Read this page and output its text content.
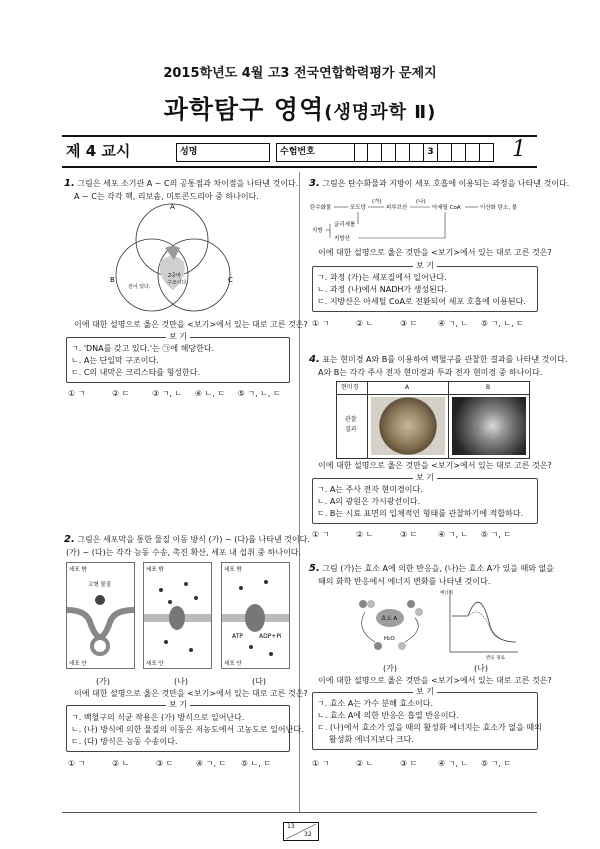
2015학년도 4월 고3 전국연합학력평가 문제지
과학탐구 영역(생명과학 Ⅱ)
제 4 교시	성명	수험번호	3	1
1. 그림은 세포 소기관 A ~ C의 공통점과 차이점을 나타낸 것이다.
A ~ C는 각각 핵, 리보솜, 미토콘드리아 중 하나이다.
A
B	C
전이 있다.
2중막
구조이다.
이에 대한 설명으로 옳은 것만을 <보기>에서 있는 대로 고른 것은?
보 기
ㄱ. 'DNA를 갖고 있다.'는 ㉠에 해당한다.
ㄴ. A는 단일막 구조이다.
ㄷ. C의 내막은 크리스타를 형성한다.
① ㄱ	② ㄷ	③ ㄱ, ㄴ ④ ㄴ, ㄷ ⑤ ㄱ, ㄴ, ㄷ
2. 그림은 세포막을 통한 물질 이동 방식 (가) ~ (다)를 나타낸 것이다.
(가) ~ (다)는 각각 능동 수송, 촉진 확산, 세포 내 섭취 중 하나이다.
세포 밖	세포 밖	세포 밖
세포 안	세포 안	세포 안
고형 물질
ATP	ADP+Pi
(가)	(나)	(다)
이에 대한 설명으로 옳은 것만을 <보기>에서 있는 대로 고른 것은?
보 기
ㄱ. 백혈구의 식균 작용은 (가) 방식으로 일어난다.
ㄴ. (나) 방식에 의한 물질의 이동은 저농도에서 고농도로 일어난다.
ㄷ. (다) 방식은 능동 수송이다.
① ㄱ	② ㄴ	③ ㄷ	④ ㄱ, ㄷ ⑤ ㄴ, ㄷ
3. 그림은 탄수화물과 지방이 세포 호흡에 이용되는 과정을 나타낸 것이다.
탄수화물	포도당
(가)
피루브산
(나)
아세틸 CoA	이산화 탄소, 물
지방
글리세롤
지방산
이에 대한 설명으로 옳은 것만을 <보기>에서 있는 대로 고른 것은?
보 기
ㄱ. 과정 (가)는 세포질에서 일어난다.
ㄴ. 과정 (나)에서 NADH가 생성된다.
ㄷ. 지방산은 아세틸 CoA로 전환되어 세포 호흡에 이용된다.
① ㄱ	② ㄴ	③ ㄷ	④ ㄱ, ㄴ ⑤ ㄱ, ㄴ, ㄷ
4. 표는 현미경 A와 B를 이용하여 백혈구를 관찰한 결과를 나타낸 것이다.
A와 B는 각각 주사 전자 현미경과 투과 전자 현미경 중 하나이다.
현미경	A	B
관찰
결과
이에 대한 설명으로 옳은 것만을 <보기>에서 있는 대로 고른 것은?
보 기
ㄱ. A는 주사 전자 현미경이다.
ㄴ. A의 광원은 가시광선이다.
ㄷ. B는 시료 표면의 입체적인 형태를 관찰하기에 적합하다.
① ㄱ	② ㄴ	③ ㄷ	④ ㄱ, ㄴ ⑤ ㄱ, ㄷ
5. 그림 (가)는 효소 A에 의한 반응을, (나)는 효소 A가 있을 때와 없을
때의 화학 반응에서 에너지 변화를 나타낸 것이다.
효소 A
H₂O
에너지
반응 경로
(가)	(나)
이에 대한 설명으로 옳은 것만을 <보기>에서 있는 대로 고른 것은?
보 기
ㄱ. 효소 A는 가수 분해 효소이다.
ㄴ. 효소 A에 의한 반응은 흡열 반응이다.
ㄷ. (나)에서 효소가 있을 때의 활성화 에너지는 효소가 없을 때의
활성화 에너지보다 크다.
① ㄱ	② ㄴ	③ ㄷ	④ ㄱ, ㄴ ⑤ ㄱ, ㄷ
13
32
